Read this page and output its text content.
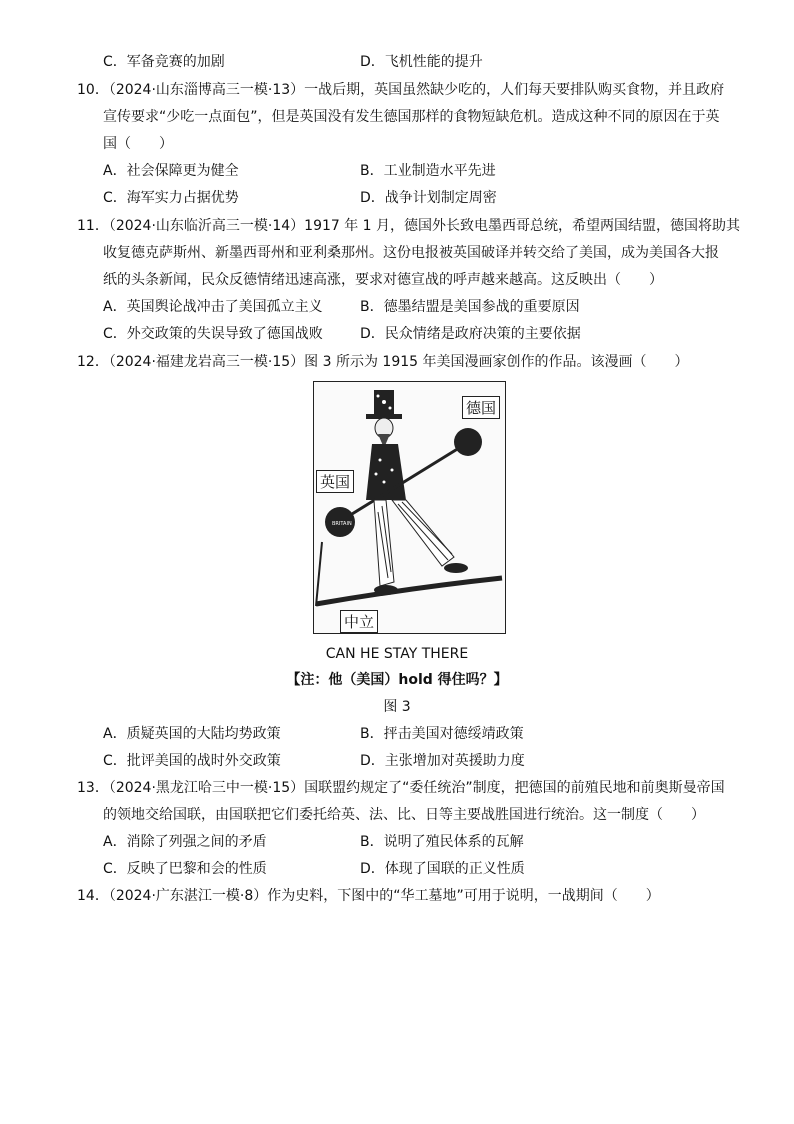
C．军备竞赛的加剧	D．飞机性能的提升
10．（2024·山东淄博高三一模·13）一战后期，英国虽然缺少吃的，人们每天要排队购买食物，并且政府
宣传要求“少吃一点面包”，但是英国没有发生德国那样的食物短缺危机。造成这种不同的原因在于英
国（　　）
A．社会保障更为健全	B．工业制造水平先进
C．海军实力占据优势	D．战争计划制定周密
11．（2024·山东临沂高三一模·14）1917 年 1 月，德国外长致电墨西哥总统，希望两国结盟，德国将助其
收复德克萨斯州、新墨西哥州和亚利桑那州。这份电报被英国破译并转交给了美国，成为美国各大报
纸的头条新闻，民众反德情绪迅速高涨，要求对德宣战的呼声越来越高。这反映出（　　）
A．英国舆论战冲击了美国孤立主义	B．德墨结盟是美国参战的重要原因
C．外交政策的失误导致了德国战败	D．民众情绪是政府决策的主要依据
12．（2024·福建龙岩高三一模·15）图 3 所示为 1915 年美国漫画家创作的作品。该漫画（　　）
BRITAIN
德国
英国
中立
CAN HE STAY THERE
【注：他（美国）hold 得住吗？】
图 3
A．质疑英国的大陆均势政策	B．抨击美国对德绥靖政策
C．批评美国的战时外交政策	D．主张增加对英援助力度
13．（2024·黑龙江哈三中一模·15）国联盟约规定了“委任统治”制度，把德国的前殖民地和前奥斯曼帝国
的领地交给国联，由国联把它们委托给英、法、比、日等主要战胜国进行统治。这一制度（　　）
A．消除了列强之间的矛盾	B．说明了殖民体系的瓦解
C．反映了巴黎和会的性质	D．体现了国联的正义性质
14．（2024·广东湛江一模·8）作为史料，下图中的“华工墓地”可用于说明，一战期间（　　）
